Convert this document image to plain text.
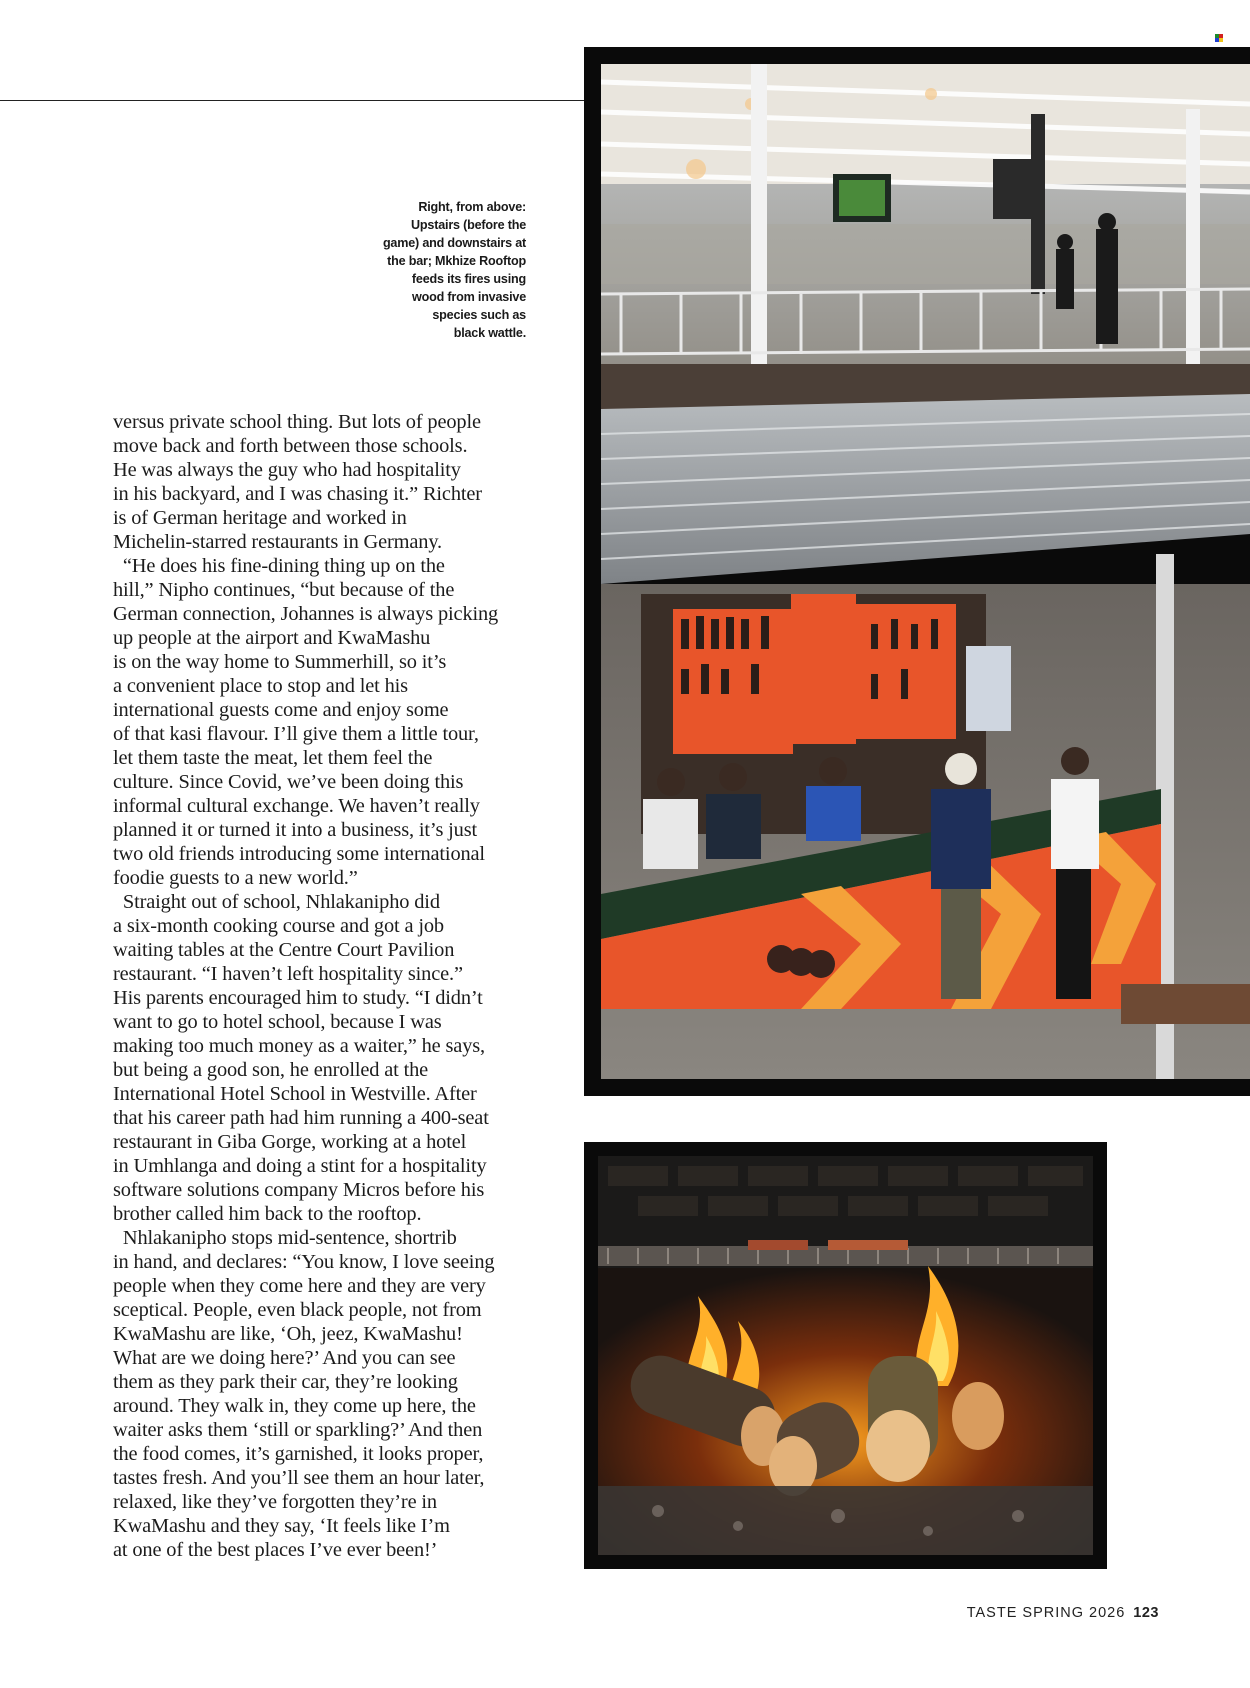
Right, from above:
Upstairs (before the
game) and downstairs at
the bar; Mkhize Rooftop
feeds its fires using
wood from invasive
species such as
black wattle.
versus private school thing. But lots of people
move back and forth between those schools.
He was always the guy who had hospitality
in his backyard, and I was chasing it.” Richter
is of German heritage and worked in
Michelin-starred restaurants in Germany.
“He does his fine-dining thing up on the
hill,” Nipho continues, “but because of the
German connection, Johannes is always picking
up people at the airport and KwaMashu
is on the way home to Summerhill, so it’s
a convenient place to stop and let his
international guests come and enjoy some
of that kasi flavour. I’ll give them a little tour,
let them taste the meat, let them feel the
culture. Since Covid, we’ve been doing this
informal cultural exchange. We haven’t really
planned it or turned it into a business, it’s just
two old friends introducing some international
foodie guests to a new world.”
Straight out of school, Nhlakanipho did
a six-month cooking course and got a job
waiting tables at the Centre Court Pavilion
restaurant. “I haven’t left hospitality since.”
His parents encouraged him to study. “I didn’t
want to go to hotel school, because I was
making too much money as a waiter,” he says,
but being a good son, he enrolled at the
International Hotel School in Westville. After
that his career path had him running a 400-seat
restaurant in Giba Gorge, working at a hotel
in Umhlanga and doing a stint for a hospitality
software solutions company Micros before his
brother called him back to the rooftop.
Nhlakanipho stops mid-sentence, shortrib
in hand, and declares: “You know, I love seeing
people when they come here and they are very
sceptical. People, even black people, not from
KwaMashu are like, ‘Oh, jeez, KwaMashu!
What are we doing here?’ And you can see
them as they park their car, they’re looking
around. They walk in, they come up here, the
waiter asks them ‘still or sparkling?’ And then
the food comes, it’s garnished, it looks proper,
tastes fresh. And you’ll see them an hour later,
relaxed, like they’ve forgotten they’re in
KwaMashu and they say, ‘It feels like I’m
at one of the best places I’ve ever been!’
TASTE SPRING 2026 123
